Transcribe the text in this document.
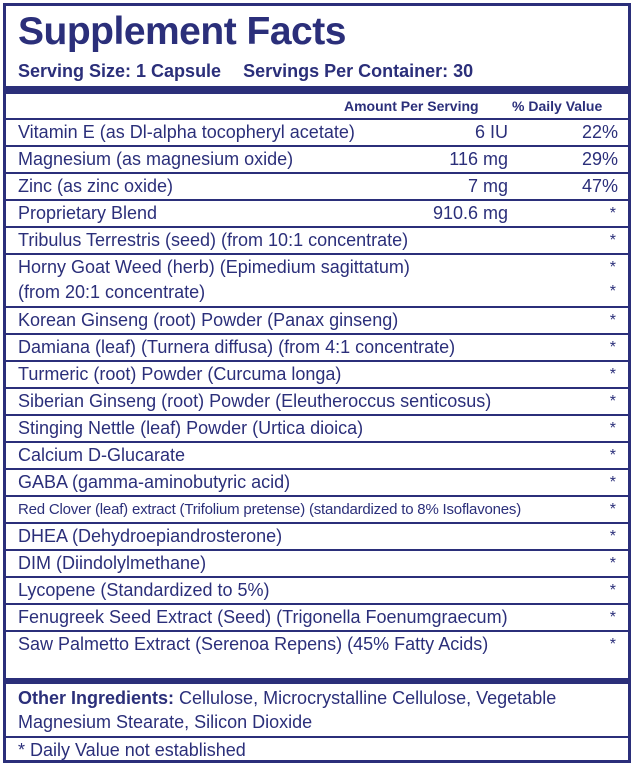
Supplement Facts
Serving Size: 1 Capsule Servings Per Container: 30
Amount Per Serving % Daily Value
Vitamin E (as Dl-alpha tocopheryl acetate)	6 IU	22%
Magnesium (as magnesium oxide)	116 mg	29%
Zinc (as zinc oxide)	7 mg	47%
Proprietary Blend	910.6 mg	*
Tribulus Terrestris (seed) (from 10:1 concentrate)	*
Horny Goat Weed (herb) (Epimedium sagittatum)	*
(from 20:1 concentrate)	*
Korean Ginseng (root) Powder (Panax ginseng)	*
Damiana (leaf) (Turnera diffusa) (from 4:1 concentrate)	*
Turmeric (root) Powder (Curcuma longa)	*
Siberian Ginseng (root) Powder (Eleutheroccus senticosus)	*
Stinging Nettle (leaf) Powder (Urtica dioica)	*
Calcium D-Glucarate	*
GABA (gamma-aminobutyric acid)	*
Red Clover (leaf) extract (Trifolium pretense) (standardized to 8% Isoflavones)	*
DHEA (Dehydroepiandrosterone)	*
DIM (Diindolylmethane)	*
Lycopene (Standardized to 5%)	*
Fenugreek Seed Extract (Seed) (Trigonella Foenumgraecum)	*
Saw Palmetto Extract (Serenoa Repens) (45% Fatty Acids)	*
Other Ingredients: Cellulose, Microcrystalline Cellulose, Vegetable Magnesium Stearate, Silicon Dioxide
* Daily Value not established
